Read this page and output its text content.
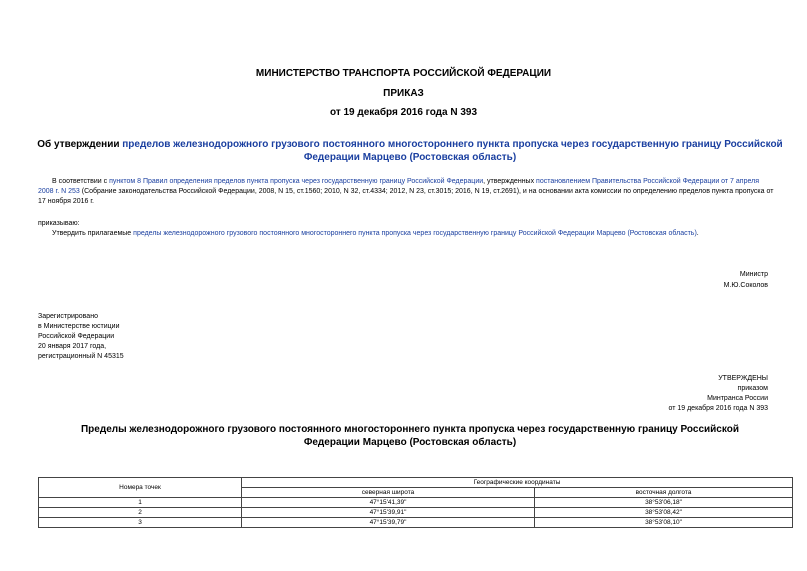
МИНИСТЕРСТВО ТРАНСПОРТА РОССИЙСКОЙ ФЕДЕРАЦИИ
ПРИКАЗ
от 19 декабря 2016 года N 393
Об утверждении пределов железнодорожного грузового постоянного многостороннего пункта пропуска через государственную границу Российской Федерации Марцево (Ростовская область)
В соответствии с пунктом 8 Правил определения пределов пункта пропуска через государственную границу Российской Федерации, утвержденных постановлением Правительства Российской Федерации от 7 апреля 2008 г. N 253 (Собрание законодательства Российской Федерации, 2008, N 15, ст.1560; 2010, N 32, ст.4334; 2012, N 23, ст.3015; 2016, N 19, ст.2691), и на основании акта комиссии по определению пределов пункта пропуска от 17 ноября 2016 г.
приказываю:
Утвердить прилагаемые пределы железнодорожного грузового постоянного многостороннего пункта пропуска через государственную границу Российской Федерации Марцево (Ростовская область).
Министр
М.Ю.Соколов
Зарегистрировано
в Министерстве юстиции
Российской Федерации
20 января 2017 года,
регистрационный N 45315
УТВЕРЖДЕНЫ
приказом
Минтранса России
от 19 декабря 2016 года N 393
Пределы железнодорожного грузового постоянного многостороннего пункта пропуска через государственную границу Российской Федерации Марцево (Ростовская область)
Номера точек	Географические координаты	
	северная широта	восточная долгота
1	47°15'41,39"	38°53'06,18"
2	47°15'39,91"	38°53'08,42"
3	47°15'39,79"	38°53'08,10"
